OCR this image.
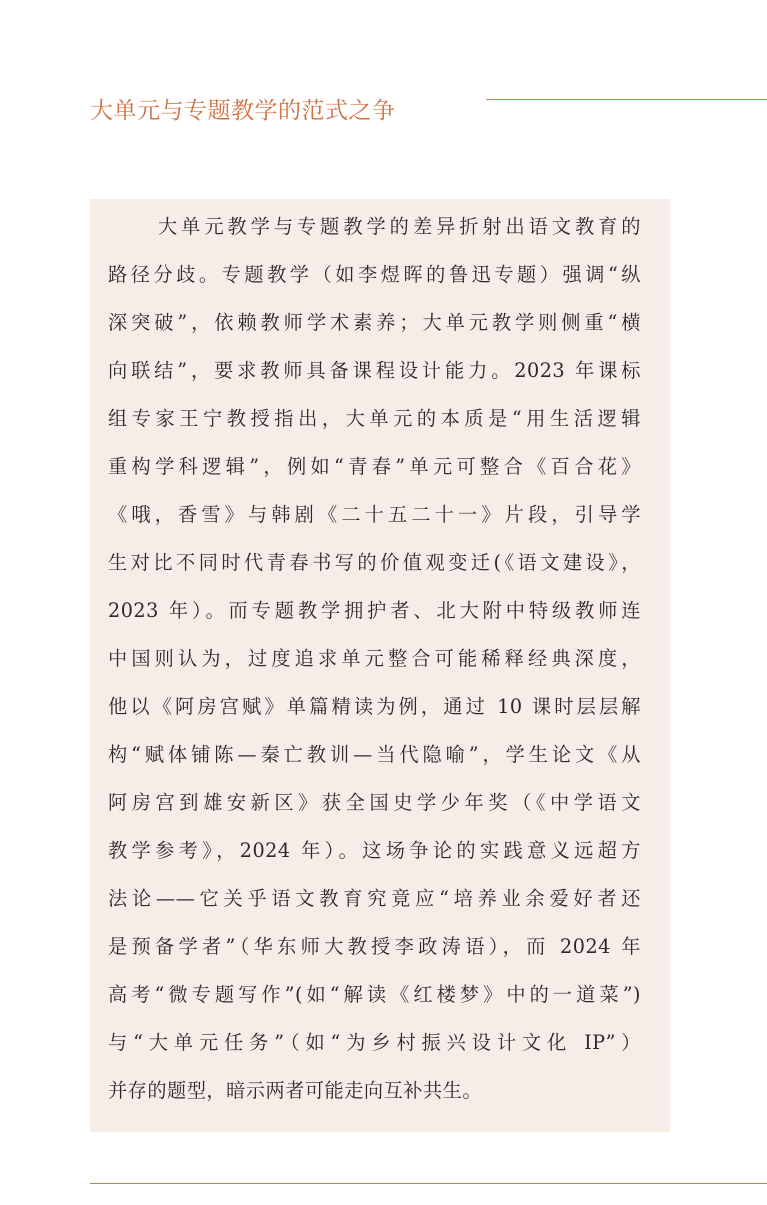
大单元与专题教学的范式之争
大单元教学与专题教学的差异折射出语文教育的
路径分歧。专题教学（如李煜晖的鲁迅专题）强调“纵
深突破”，依赖教师学术素养；大单元教学则侧重“横
向联结”，要求教师具备课程设计能力。2023 年课标
组专家王宁教授指出，大单元的本质是“用生活逻辑
重构学科逻辑”，例如“青春”单元可整合《百合花》
《哦，香雪》与韩剧《二十五二十一》片段，引导学
生对比不同时代青春书写的价值观变迁(《语文建设》，
2023 年）。而专题教学拥护者、北大附中特级教师连
中国则认为，过度追求单元整合可能稀释经典深度，
他以《阿房宫赋》单篇精读为例，通过 10 课时层层解
构“赋体铺陈—秦亡教训—当代隐喻”，学生论文《从
阿房宫到雄安新区》获全国史学少年奖（《中学语文
教学参考》，2024 年）。这场争论的实践意义远超方
法论——它关乎语文教育究竟应“培养业余爱好者还
是预备学者”（华东师大教授李政涛语），而 2024 年
高考“微专题写作”(如“解读《红楼梦》中的一道菜”)
与“大单元任务”（如“为乡村振兴设计文化 IP”）
并存的题型，暗示两者可能走向互补共生。
